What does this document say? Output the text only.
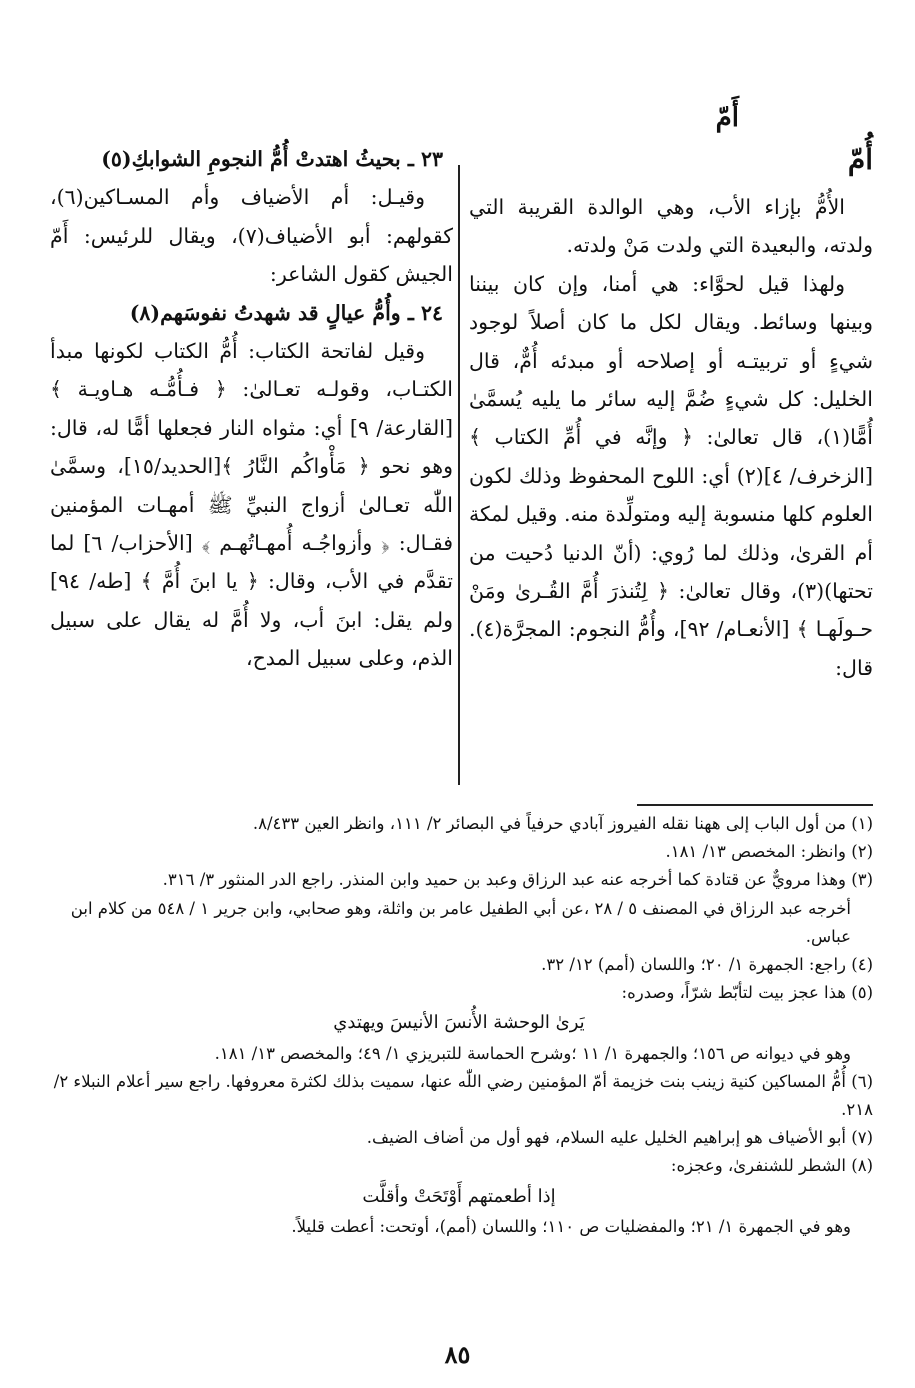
أَمّ
أُمّ

الأُمُّ بإزاء الأب، وهي الوالدة القريبة التي ولدته، والبعيدة التي ولدت مَنْ ولدته.

ولهذا قيل لحوَّاء: هي أمنا، وإن كان بيننا وبينها وسائط. ويقال لكل ما كان أصلاً لوجود شيءٍ أو تربيتـه أو إصلاحه أو مبدئه أُمٌّ، قال الخليل: كل شيءٍ ضُمَّ إليه سائر ما يليه يُسمَّىٰ أُمًّا(١)، قال تعالىٰ: ﴿ وإنَّه في أُمِّ الكتاب ﴾ [الزخرف/ ٤](٢) أي: اللوح المحفوظ وذلك لكون العلوم كلها منسوبة إليه ومتولِّدة منه. وقيل لمكة أم القرىٰ، وذلك لما رُوي: (أنّ الدنيا دُحيت من تحتها)(٣)، وقال تعالىٰ: ﴿ لِتُنذرَ أُمَّ القُـرىٰ ومَنْ حـولَهـا ﴾ [الأنعـام/ ٩٢]، وأُمُّ النجوم: المجرَّة(٤). قال:

٢٣ ـ بحيثُ اهتدتْ أُمُّ النجومِ الشوابكِ(٥)

وقيـل: أم الأضياف وأم المسـاكين(٦)، كقولهم: أبو الأضياف(٧)، ويقال للرئيس: أَمّ الجيش كقول الشاعر:

٢٤ ـ وأُمُّ عيالٍ قد شهدتُ نفوسَهم(٨)

وقيل لفاتحة الكتاب: أُمُّ الكتاب لكونها مبدأ الكتـاب، وقولـه تعـالىٰ: ﴿ فـأُمُّـه هـاويـة ﴾ [القارعة/ ٩] أي: مثواه النار فجعلها أمًّا له، قال: وهو نحو ﴿ مَأْواكُم النَّارُ ﴾[الحديد/١٥]، وسمَّىٰ اللّٰه تعـالىٰ أزواج النبيِّ ﷺ أمهـات المؤمنين فقـال: ﴿ وأزواجُـه أُمهـاتُهـم ﴾ [الأحزاب/ ٦] لما تقدَّم في الأب، وقال: ﴿ يا ابنَ أُمَّ ﴾ [طه/ ٩٤] ولم يقل: ابنَ أب، ولا أُمَّ له يقال على سبيل الذم، وعلى سبيل المدح،

(١) من أول الباب إلى ههنا نقله الفيروز آبادي حرفياً في البصائر ٢/ ١١١، وانظر العين ٨/٤٣٣.

(٢) وانظر: المخصص ١٣/ ١٨١.

(٣) وهذا مرويٌّ عن قتادة كما أخرجه عنه عبد الرزاق وعبد بن حميد وابن المنذر. راجع الدر المنثور ٣/ ٣١٦.

أخرجه عبد الرزاق في المصنف ٥ / ٢٨ ،عن أبي الطفيل عامر بن واثلة، وهو صحابي، وابن جرير ١ / ٥٤٨ من كلام ابن عباس.

(٤) راجع: الجمهرة ١/ ٢٠؛ واللسان (أمم) ١٢/ ٣٢.

(٥) هذا عجز بيت لتأبّط شرّاً، وصدره:

يَرىٰ الوحشة الأُنسَ الأنيسَ ويهتدي

وهو في ديوانه ص ١٥٦؛ والجمهرة ١/ ١١ ؛وشرح الحماسة للتبريزي ١/ ٤٩؛ والمخصص ١٣/ ١٨١.

(٦) أُمُّ المساكين كنية زينب بنت خزيمة أمّ المؤمنين رضي اللّٰه عنها، سميت بذلك لكثرة معروفها. راجع سير أعلام النبلاء ٢/ ٢١٨.

(٧) أبو الأضياف هو إبراهيم الخليل عليه السلام، فهو أول من أضاف الضيف.

(٨) الشطر للشنفرىٰ، وعجزه:

إذا أطعمتهم أَوْتَحَتْ وأقلَّت

وهو في الجمهرة ١/ ٢١؛ والمفضليات ص ١١٠؛ واللسان (أمم)، أوتحت: أعطت قليلاً.

٨٥
